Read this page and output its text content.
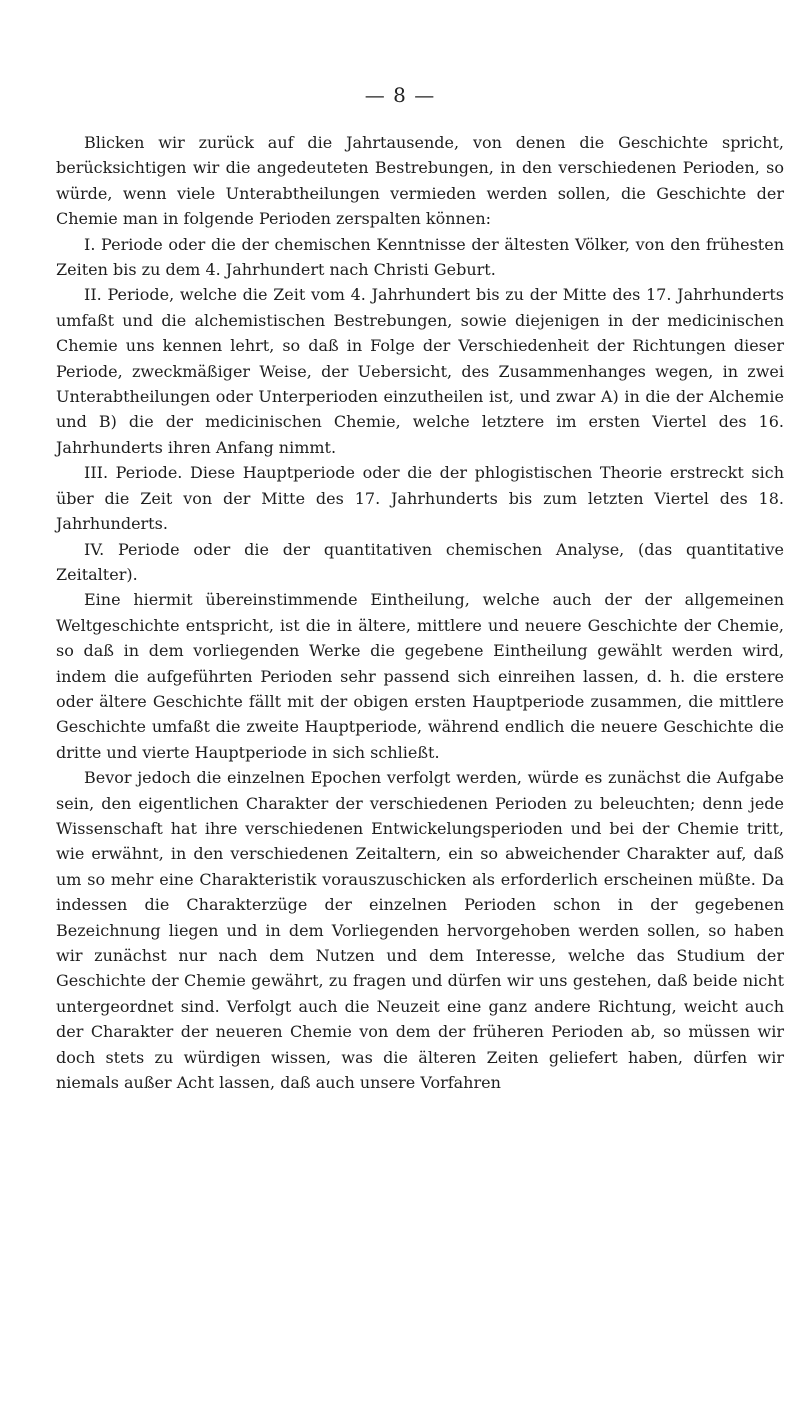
— 8 —

Blicken wir zurück auf die Jahrtausende, von denen die Geschichte spricht, berücksichtigen wir die angedeuteten Bestrebungen, in den verschiedenen Perioden, so würde, wenn viele Unterabtheilungen vermieden werden sollen, die Geschichte der Chemie man in folgende Perioden zerspalten können:

I. Periode oder die der chemischen Kenntnisse der ältesten Völker, von den frühesten Zeiten bis zu dem 4. Jahrhundert nach Christi Geburt.

II. Periode, welche die Zeit vom 4. Jahrhundert bis zu der Mitte des 17. Jahrhunderts umfaßt und die alchemistischen Bestrebungen, sowie diejenigen in der medicinischen Chemie uns kennen lehrt, so daß in Folge der Verschiedenheit der Richtungen dieser Periode, zweckmäßiger Weise, der Uebersicht, des Zusammenhanges wegen, in zwei Unterabtheilungen oder Unterperioden einzutheilen ist, und zwar A) in die der Alchemie und B) die der medicinischen Chemie, welche letztere im ersten Viertel des 16. Jahrhunderts ihren Anfang nimmt.

III. Periode. Diese Hauptperiode oder die der phlogistischen Theorie erstreckt sich über die Zeit von der Mitte des 17. Jahrhunderts bis zum letzten Viertel des 18. Jahrhunderts.

IV. Periode oder die der quantitativen chemischen Analyse, (das quantitative Zeitalter).

Eine hiermit übereinstimmende Eintheilung, welche auch der der allgemeinen Weltgeschichte entspricht, ist die in ältere, mittlere und neuere Geschichte der Chemie, so daß in dem vorliegenden Werke die gegebene Eintheilung gewählt werden wird, indem die aufgeführten Perioden sehr passend sich einreihen lassen, d. h. die erstere oder ältere Geschichte fällt mit der obigen ersten Hauptperiode zusammen, die mittlere Geschichte umfaßt die zweite Hauptperiode, während endlich die neuere Geschichte die dritte und vierte Hauptperiode in sich schließt.

Bevor jedoch die einzelnen Epochen verfolgt werden, würde es zunächst die Aufgabe sein, den eigentlichen Charakter der verschiedenen Perioden zu beleuchten; denn jede Wissenschaft hat ihre verschiedenen Entwickelungsperioden und bei der Chemie tritt, wie erwähnt, in den verschiedenen Zeitaltern, ein so abweichender Charakter auf, daß um so mehr eine Charakteristik vorauszuschicken als erforderlich erscheinen müßte. Da indessen die Charakterzüge der einzelnen Perioden schon in der gegebenen Bezeichnung liegen und in dem Vorliegenden hervorgehoben werden sollen, so haben wir zunächst nur nach dem Nutzen und dem Interesse, welche das Studium der Geschichte der Chemie gewährt, zu fragen und dürfen wir uns gestehen, daß beide nicht untergeordnet sind. Verfolgt auch die Neuzeit eine ganz andere Richtung, weicht auch der Charakter der neueren Chemie von dem der früheren Perioden ab, so müssen wir doch stets zu würdigen wissen, was die älteren Zeiten geliefert haben, dürfen wir niemals außer Acht lassen, daß auch unsere Vorfahren
